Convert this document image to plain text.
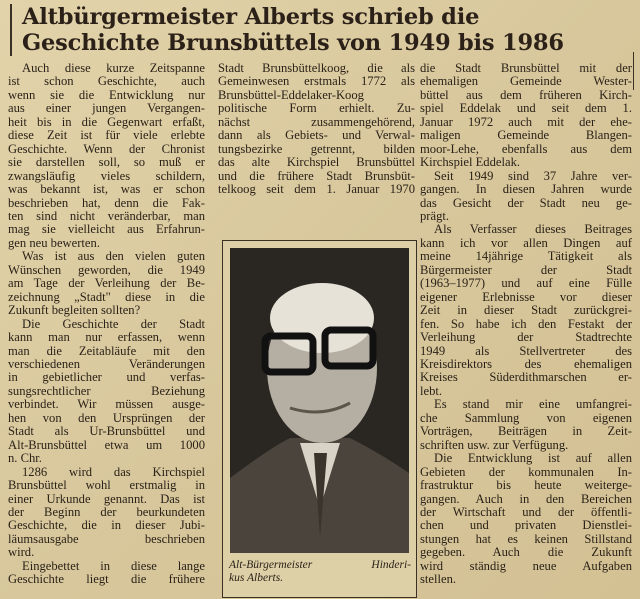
Altbürgermeister Alberts schrieb die
Geschichte Brunsbüttels von 1949 bis 1986
Auch diese kurze Zeitspanne
ist schon Geschichte, auch
wenn sie die Entwicklung nur
aus einer jungen Vergangen-
heit bis in die Gegenwart erfaßt,
diese Zeit ist für viele erlebte
Geschichte. Wenn der Chronist
sie darstellen soll, so muß er
zwangsläufig vieles schildern,
was bekannt ist, was er schon
beschrieben hat, denn die Fak-
ten sind nicht veränderbar, man
mag sie vielleicht aus Erfahrun-
gen neu bewerten.
Was ist aus den vielen guten
Wünschen geworden, die 1949
am Tage der Verleihung der Be-
zeichnung „Stadt" diese in die
Zukunft begleiten sollten?
Die Geschichte der Stadt
kann man nur erfassen, wenn
man die Zeitabläufe mit den
verschiedenen Veränderungen
in gebietlicher und verfas-
sungsrechtlicher Beziehung
verbindet. Wir müssen ausge-
hen von den Ursprüngen der
Stadt als Ur-Brunsbüttel und
Alt-Brunsbüttel etwa um 1000
n. Chr.
1286 wird das Kirchspiel
Brunsbüttel wohl erstmalig in
einer Urkunde genannt. Das ist
der Beginn der beurkundeten
Geschichte, die in dieser Jubi-
läumsausgabe beschrieben
wird.
Eingebettet in diese lange
Geschichte liegt die frühere
Stadt Brunsbüttelkoog, die als
Gemeinwesen erstmals 1772 als
Brunsbüttel-Eddelaker-Koog
politische Form erhielt. Zu-
nächst zusammengehörend,
dann als Gebiets- und Verwal-
tungsbezirke getrennt, bilden
das alte Kirchspiel Brunsbüttel
und die frühere Stadt Brunsbüt-
telkoog seit dem 1. Januar 1970
die Stadt Brunsbüttel mit der
ehemaligen Gemeinde Wester-
büttel aus dem früheren Kirch-
spiel Eddelak und seit dem 1.
Januar 1972 auch mit der ehe-
maligen Gemeinde Blangen-
moor-Lehe, ebenfalls aus dem
Kirchspiel Eddelak.
Seit 1949 sind 37 Jahre ver-
gangen. In diesen Jahren wurde
das Gesicht der Stadt neu ge-
prägt.
Als Verfasser dieses Beitrages
kann ich vor allen Dingen auf
meine 14jährige Tätigkeit als
Bürgermeister der Stadt
(1963–1977) und auf eine Fülle
eigener Erlebnisse vor dieser
Zeit in dieser Stadt zurückgrei-
fen. So habe ich den Festakt der
Verleihung der Stadtrechte
1949 als Stellvertreter des
Kreisdirektors des ehemaligen
Kreises Süderdithmarschen er-
lebt.
Es stand mir eine umfangrei-
che Sammlung von eigenen
Vorträgen, Beiträgen in Zeit-
schriften usw. zur Verfügung.
Die Entwicklung ist auf allen
Gebieten der kommunalen In-
frastruktur bis heute weiterge-
gangen. Auch in den Bereichen
der Wirtschaft und der öffentli-
chen und privaten Dienstlei-
stungen hat es keinen Stillstand
gegeben. Auch die Zukunft
wird ständig neue Aufgaben
stellen.
Alt-Bürgermeister Hinderi-
kus Alberts.
